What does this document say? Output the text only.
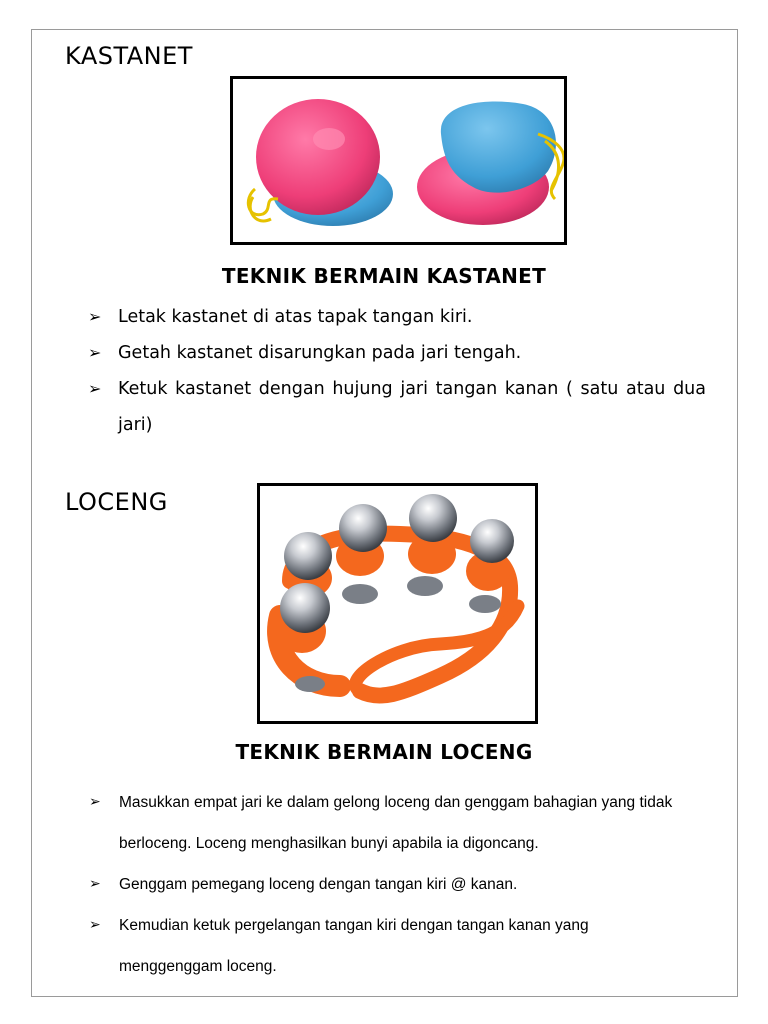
KASTANET
TEKNIK BERMAIN KASTANET
➢ Letak kastanet di atas tapak tangan kiri.
➢ Getah kastanet disarungkan pada jari tengah.
➢ Ketuk kastanet dengan hujung jari tangan kanan ( satu atau dua jari)
LOCENG
TEKNIK BERMAIN LOCENG
➢ Masukkan empat jari ke dalam gelong loceng dan genggam bahagian yang tidak berloceng. Loceng menghasilkan bunyi apabila ia digoncang.
➢ Genggam pemegang loceng dengan tangan kiri @ kanan.
➢ Kemudian ketuk pergelangan tangan kiri dengan tangan kanan yang menggenggam loceng.
